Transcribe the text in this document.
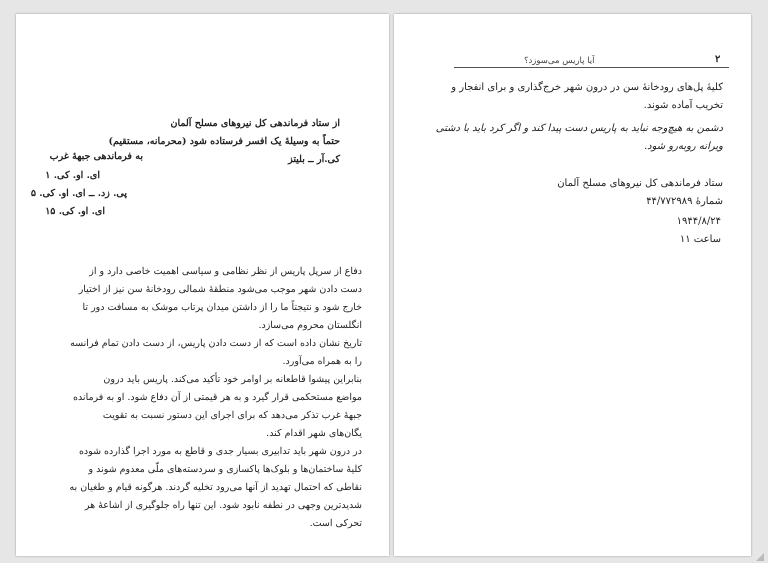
از ستاد فرماندهی کل نیروهای مسلح آلمان
حتماً به وسیلهٔ یک افسر فرستاده شود (محرمانه، مستقیم)
کی.آر ــ بلیتز
به فرماندهی جبههٔ غرب
ای. او. کی. ۱
پی. زد. ــ ای. او. کی. ۵
ای. او. کی. ۱۵
دفاع از سرپل پاریس از نظر نظامی و سیاسی اهمیت خاصی دارد و از
دست دادن شهر موجب می‌شود منطقهٔ شمالی رودخانهٔ سن نیز از اختیار
خارج شود و نتیجتاً ما را از داشتن میدان پرتاب موشک به مسافت دور تا
انگلستان محروم می‌سازد.
تاریخ نشان داده است که از دست دادن پاریس، از دست دادن تمام فرانسه
را به همراه می‌آورد.
بنابراین پیشوا قاطعانه بر اوامر خود تأکید می‌کند. پاریس باید درون
مواضع مستحکمی قرار گیرد و به هر قیمتی از آن دفاع شود. او به فرمانده
جبههٔ غرب تذکر می‌دهد که برای اجرای این دستور نسبت به تقویت
یگان‌های شهر اقدام کند.
در درون شهر باید تدابیری بسیار جدی و قاطع به مورد اجرا گذارده شوده
کلیهٔ ساختمان‌ها و بلوک‌ها پاکسازی و سردسته‌های ملّی معدوم شوند و
نقاطی که احتمال تهدید از آنها می‌رود تخلیه گردند. هرگونه قیام و طغیان به
شدیدترین وجهی در نطفه نابود شود. این تنها راه جلوگیری از اشاعهٔ هر
تحرکی است.
۲
آیا پاریس می‌سوزد؟
کلیهٔ پل‌های رودخانهٔ سن در درون شهر خرج‌گذاری و برای انفجار و
تخریب آماده شوند.
دشمن به هیچ‌وجه نباید به پاریس دست پیدا کند و اگر کرد باید با دشتی
ویرانه روبه‌رو شود.
ستاد فرماندهی کل نیروهای مسلح آلمان
شمارهٔ ۴۴/۷۷۲۹۸۹
۱۹۴۴/۸/۲۴
ساعت ۱۱
